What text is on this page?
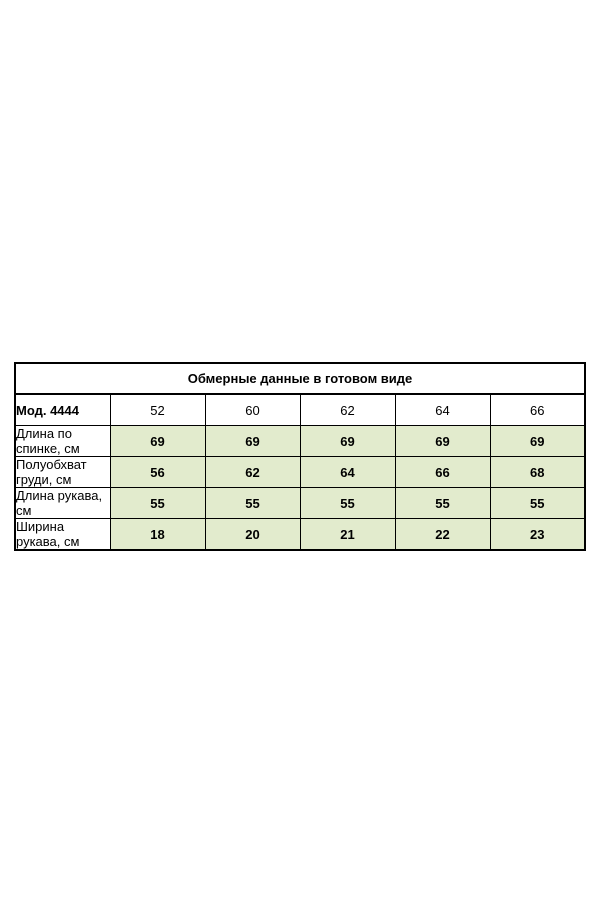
Обмерные данные в готовом виде					
Мод. 4444	52	60	62	64	66
Длина по спинке, см	69	69	69	69	69
Полуобхват груди, см	56	62	64	66	68
Длина рукава, см	55	55	55	55	55
Ширина рукава, см	18	20	21	22	23
